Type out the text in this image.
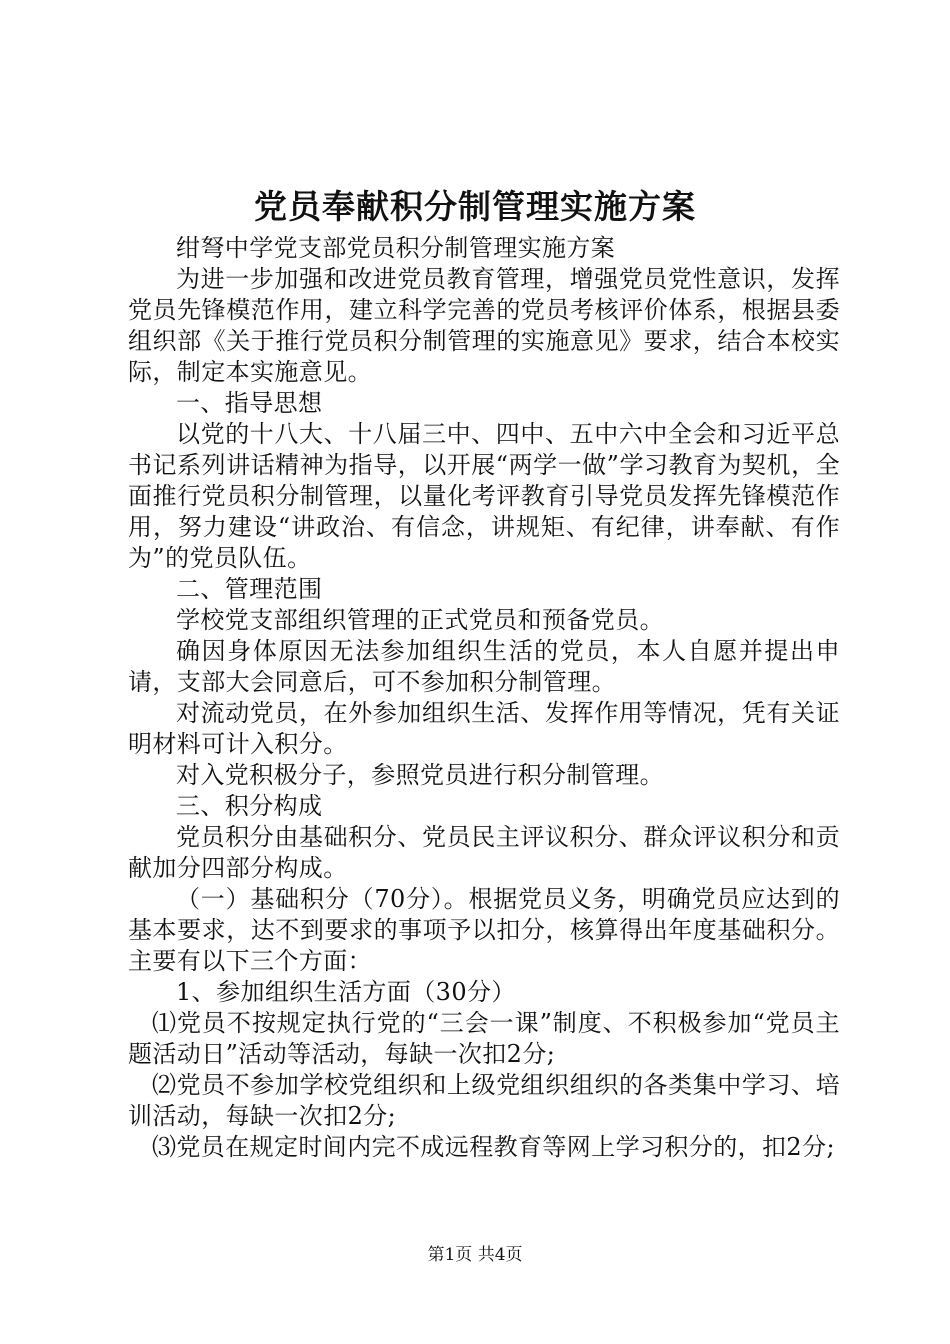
党员奉献积分制管理实施方案

绀弩中学党支部党员积分制管理实施方案

为进一步加强和改进党员教育管理，增强党员党性意识，发挥党员先锋模范作用，建立科学完善的党员考核评价体系，根据县委组织部《关于推行党员积分制管理的实施意见》要求，结合本校实际，制定本实施意见。

一、指导思想

以党的十八大、十八届三中、四中、五中六中全会和习近平总书记系列讲话精神为指导，以开展“两学一做”学习教育为契机，全面推行党员积分制管理，以量化考评教育引导党员发挥先锋模范作用，努力建设“讲政治、有信念，讲规矩、有纪律，讲奉献、有作为”的党员队伍。

二、管理范围

学校党支部组织管理的正式党员和预备党员。

确因身体原因无法参加组织生活的党员，本人自愿并提出申请，支部大会同意后，可不参加积分制管理。

对流动党员，在外参加组织生活、发挥作用等情况，凭有关证明材料可计入积分。

对入党积极分子，参照党员进行积分制管理。

三、积分构成

党员积分由基础积分、党员民主评议积分、群众评议积分和贡献加分四部分构成。

（一）基础积分（70分）。根据党员义务，明确党员应达到的基本要求，达不到要求的事项予以扣分，核算得出年度基础积分。主要有以下三个方面：

1、参加组织生活方面（30分）

⑴党员不按规定执行党的“三会一课”制度、不积极参加“党员主题活动日”活动等活动，每缺一次扣2分;

⑵党员不参加学校党组织和上级党组织组织的各类集中学习、培训活动，每缺一次扣2分;

⑶党员在规定时间内完不成远程教育等网上学习积分的，扣2分;

第1页 共4页
